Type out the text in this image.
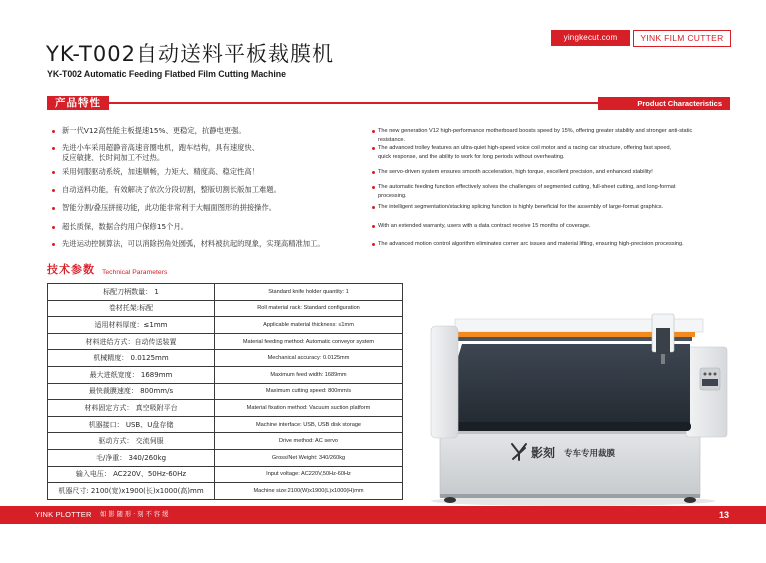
yingkecut.com	YINK FILM CUTTER
YK-T002自动送料平板裁膜机
YK-T002 Automatic Feeding Flatbed Film Cutting Machine
产品特性	Product Characteristics
新一代V12高性能主板提速15%、更稳定，抗静电更强。
先进小车采用超静音高速音圈电机，跑车结构，具有速度快、
反应敏捷、长时间加工不过热。
采用伺服驱动系统，加速顺畅，力矩大、精度高、稳定性高！
自动送料功能，有效解决了依次分段切割，整版切割长版加工难题。
智能分割/叠压拼接功能，此功能非常利于大幅面图形的拼接操作。
超长质保，数据合约用户保修15个月。
先进运动控制算法，可以消除拐角处圆弧，材料被抗起的现象，实现高精准加工。
The new generation V12 high-performance motherboard boosts speed by 15%, offering greater stability and stronger anti-static
resistance.
The advanced trolley features an ultra-quiet high-speed voice coil motor and a racing car structure, offering fast speed,
quick response, and the ability to work for long periods without overheating.
The servo-driven system ensures smooth acceleration, high torque, excellent precision, and enhanced stability!
The automatic feeding function effectively solves the challenges of segmented cutting, full-sheet cutting, and long-format
processing.
The intelligent segmentation/stacking splicing function is highly beneficial for the assembly of large-format graphics.
With an extended warranty, users with a data contract receive 15 months of coverage.
The advanced motion control algorithm eliminates corner arc issues and material lifting, ensuring high-precision processing.
技术参数 Technical Parameters
标配刀柄数量： 1	Standard knife holder quantity: 1
卷材托架:标配	Roll material rack: Standard configuration
适用材料厚度：≤1mm	Applicable material thickness: ≤1mm
材料进给方式：自动传送装置	Material feeding method: Automatic conveyor system
机械精度： 0.0125mm	Mechanical accuracy: 0.0125mm
最大进纸宽度： 1689mm	Maximum feed width: 1689mm
最快裁膜速度： 800mm/s	Maximum cutting speed: 800mm/s
材料固定方式： 真空吸附平台	Material fixation method: Vacuum suction platform
机器接口： USB、U盘存储	Machine interface: USB, USB disk storage
驱动方式： 交流伺服	Drive method: AC servo
毛/净重： 340/260kg	Gross/Net Weight: 340/260kg
输入电压： AC220V、50Hz-60Hz	Input voltage: AC220V,50Hz-60Hz
机器尺寸: 2100(宽)x1900(长)x1000(高)mm	Machine size:2100(W)x1900(L)x1000(H)mm
影刻 专车专用裁膜
YINK PLOTTER 如 影 随 形 · 刻 不 容 缓	13
